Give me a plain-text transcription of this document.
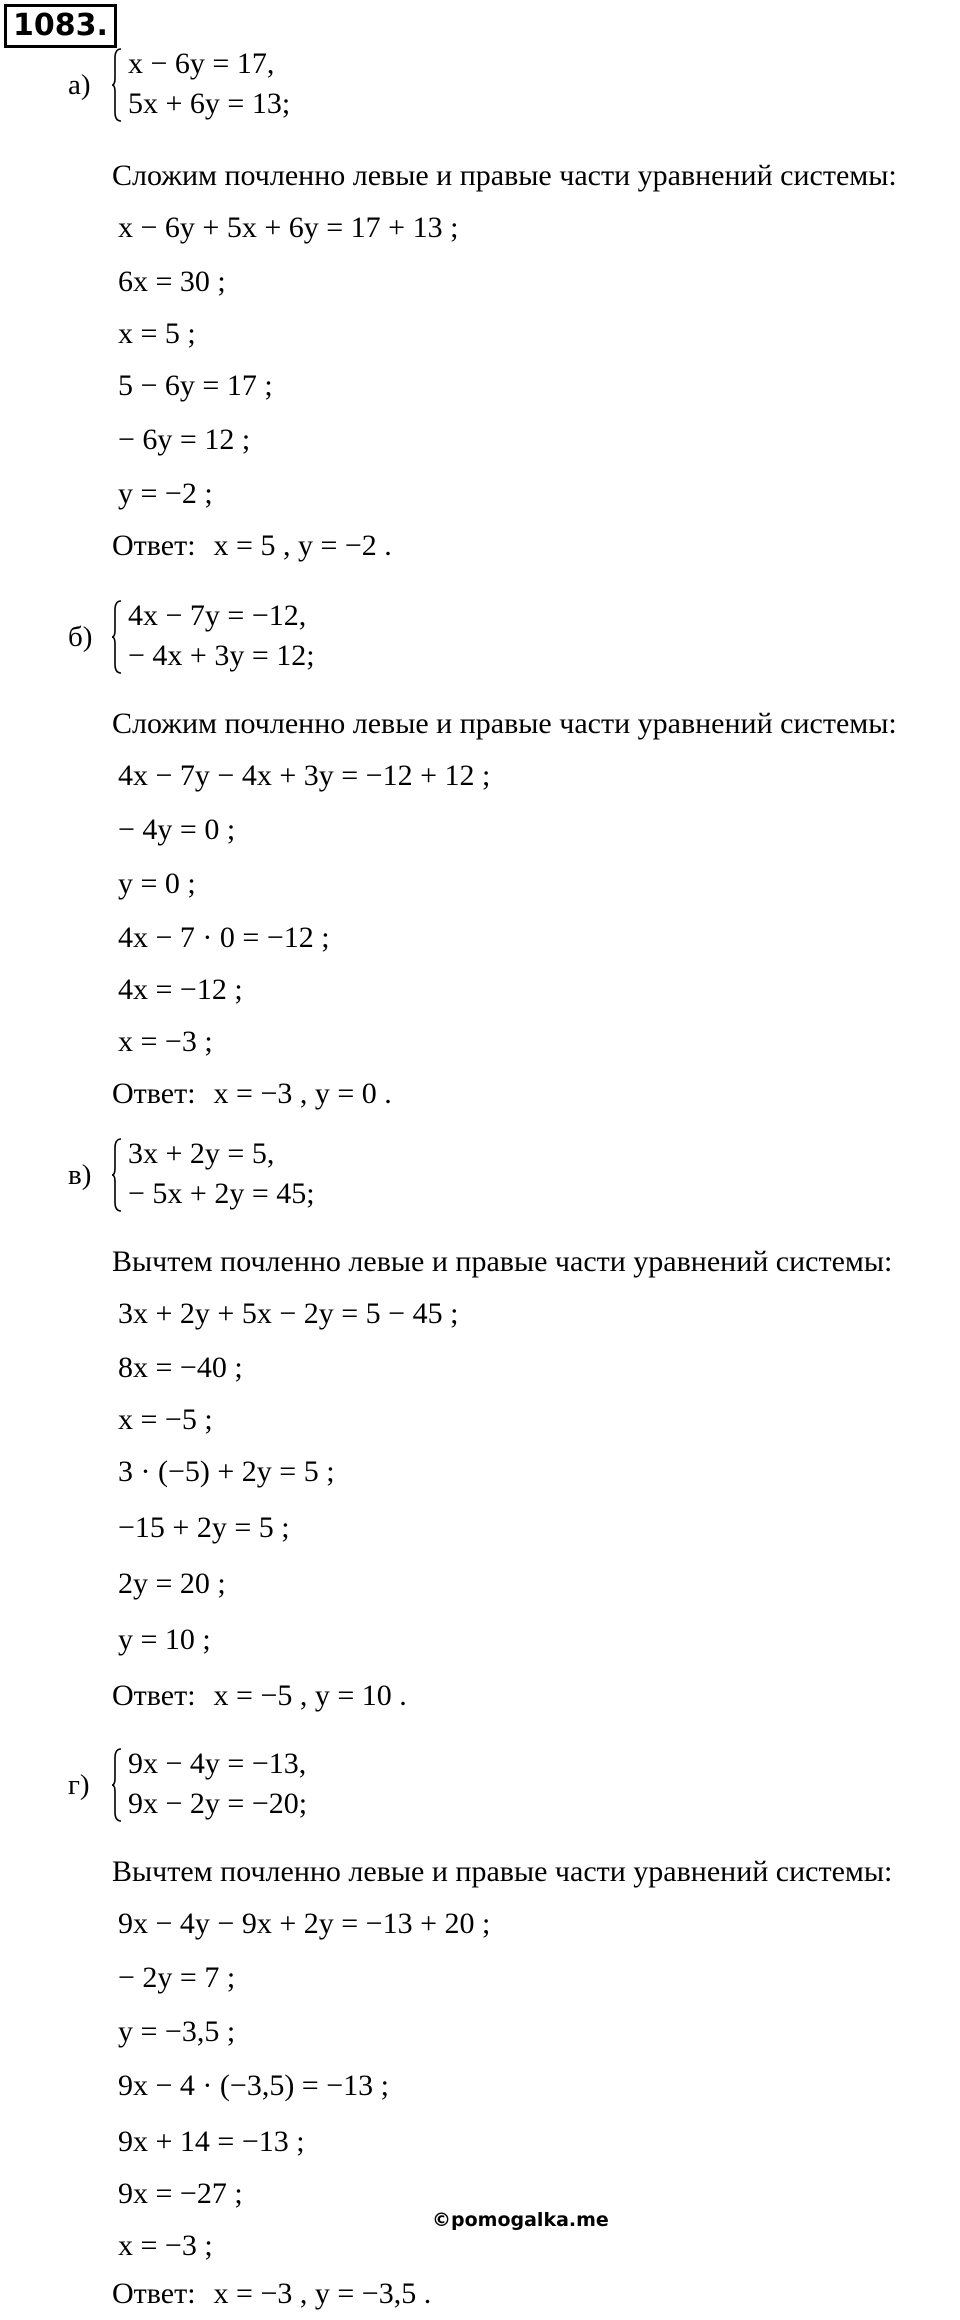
1083.
а)
x − 6y = 17,
5x + 6y = 13;
Сложим почленно левые и правые части уравнений системы:
x − 6y + 5x + 6y = 17 + 13 ;
6x = 30 ;
x = 5 ;
5 − 6y = 17 ;
− 6y = 12 ;
y = −2 ;
Ответ: x = 5 , y = −2 .
б)
4x − 7y = −12,
− 4x + 3y = 12;
Сложим почленно левые и правые части уравнений системы:
4x − 7y − 4x + 3y = −12 + 12 ;
− 4y = 0 ;
y = 0 ;
4x − 7 · 0 = −12 ;
4x = −12 ;
x = −3 ;
Ответ: x = −3 , y = 0 .
в)
3x + 2y = 5,
− 5x + 2y = 45;
Вычтем почленно левые и правые части уравнений системы:
3x + 2y + 5x − 2y = 5 − 45 ;
8x = −40 ;
x = −5 ;
3 · (−5) + 2y = 5 ;
−15 + 2y = 5 ;
2y = 20 ;
y = 10 ;
Ответ: x = −5 , y = 10 .
г)
9x − 4y = −13,
9x − 2y = −20;
Вычтем почленно левые и правые части уравнений системы:
9x − 4y − 9x + 2y = −13 + 20 ;
− 2y = 7 ;
y = −3,5 ;
9x − 4 · (−3,5) = −13 ;
9x + 14 = −13 ;
9x = −27 ;
x = −3 ;
Ответ: x = −3 , y = −3,5 .
©pomogalka.me
